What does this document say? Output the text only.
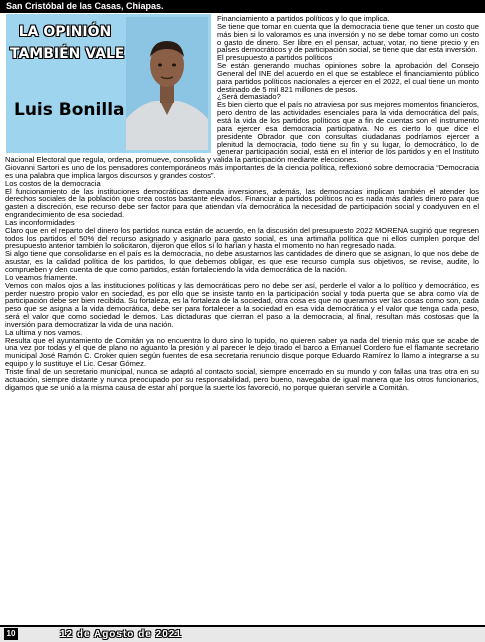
San Cristóbal de las Casas, Chiapas.
LA OPINIÓN
TAMBIÉN VALE
Luis Bonilla

Financiamiento a partidos políticos y lo que implica.

Se tiene que tomar en cuenta que la democracia tiene que tener un costo que más bien si lo valoramos es una inversión y no se debe tomar como un costo o gasto de dinero. Ser libre en el pensar, actuar, votar, no tiene precio y en países democráticos y de participación social, se tiene que dar esta inversión.

El presupuesto a partidos políticos

Se están generando muchas opiniones sobre la aprobación del Consejo General del INE del acuerdo en el que se establece el financiamiento público para partidos políticos nacionales a ejercer en el 2022, el cual tiene un monto destinado de 5 mil 821 millones de pesos.

¿Será demasiado?

Es bien cierto que el país no atraviesa por sus mejores momentos financieros, pero dentro de las actividades esenciales para la vida democrática del país, está la vida de los partidos políticos que a fin de cuentas son el instrumento para ejercer esa democracia participativa. No es cierto lo que dice el presidente Obrador que con consultas ciudadanas podríamos ejercer a plenitud la democracia, todo tiene su fin y su lugar, lo democrático, lo de generar participación social, está en el interior de los partidos y en el Instituto Nacional Electoral que regula, ordena, promueve, consolida y valida la participación mediante elecciones.

Giovanni Sartori es uno de los pensadores contemporáneos más importantes de la ciencia política, reflexionó sobre democracia “Democracia es una palabra que implica largos discursos y grandes costos”.

Los costos de la democracia

El funcionamiento de las instituciones democráticas demanda inversiones, además, las democracias implican también el atender los derechos sociales de la población que crea costos bastante elevados. Financiar a partidos políticos no es nada más darles dinero para que gasten a discreción, ese recurso debe ser factor para que atiendan vía democrática la necesidad de participación social y coadyuven en el engrandecimiento de esa sociedad.

Las inconformidades

Claro que en el reparto del dinero los partidos nunca están de acuerdo, en la discusión del presupuesto 2022 MORENA sugirió que regresen todos los partidos el 50% del recurso asignado y asignarlo para gasto social, es una artimaña política que ni ellos cumplen porque del presupuesto anterior también lo solicitaron, dijeron que ellos sí lo harían y hasta el momento no han regresado nada.

Si algo tiene que consolidarse en el país es la democracia, no debe asustarnos las cantidades de dinero que se asignan, lo que nos debe de asustar, es la calidad política de los partidos, lo que debemos obligar, es que ese recurso cumpla sus objetivos, se revise, audite, lo comprueben y den cuenta de que como partidos, están fortaleciendo la vida democrática de la nación.

Lo veamos friamente.

Vemos con malos ojos a las instituciones políticas y las democráticas pero no debe ser así, perderle el valor a lo político y democrático, es perder nuestro propio valor en sociedad, es por ello que se insiste tanto en la participación social y toda puerta que se abra como vía de participación debe ser bien recibida. Su fortaleza, es la fortaleza de la sociedad, otra cosa es que no queramos ver las cosas como son, cada peso que se asigna a la vida democrática, debe ser para fortalecer a la sociedad en esa vida democrática y el valor que tenga cada peso, será el valor que como sociedad le demos. Las dictaduras que cierran el paso a la democracia, al final, resultan más costosas que la inversión para democratizar la vida de una nación.

La ultima y nos vamos.

Resulta que el ayuntamiento de Comitán ya no encuentra lo duro sino lo tupido, no quieren saber ya nada del trienio más que se acabe de una vez por todas y el que de plano no aguanto la presión y al parecer le dejo tirado el barco a Emanuel Cordero fue el flamante secretario municipal José Ramón C. Croker quien según fuentes de esa secretaria renuncio disque porque Eduardo Ramírez lo llamo a integrarse a su equipo y lo sustituye el Lic. Cesar Gómez.

Triste final de un secretario municipal, nunca se adaptó al contacto social, siempre encerrado en su mundo y con fallas una tras otra en su actuación, siempre distante y nunca preocupado por su responsabilidad, pero bueno, navegaba de igual manera que los otros funcionarios, digamos que se unió a la misma causa de estar ahí porque la suerte los favoreció, no porque quieran servirle a Comitán.

10	12 de Agosto de 2021
